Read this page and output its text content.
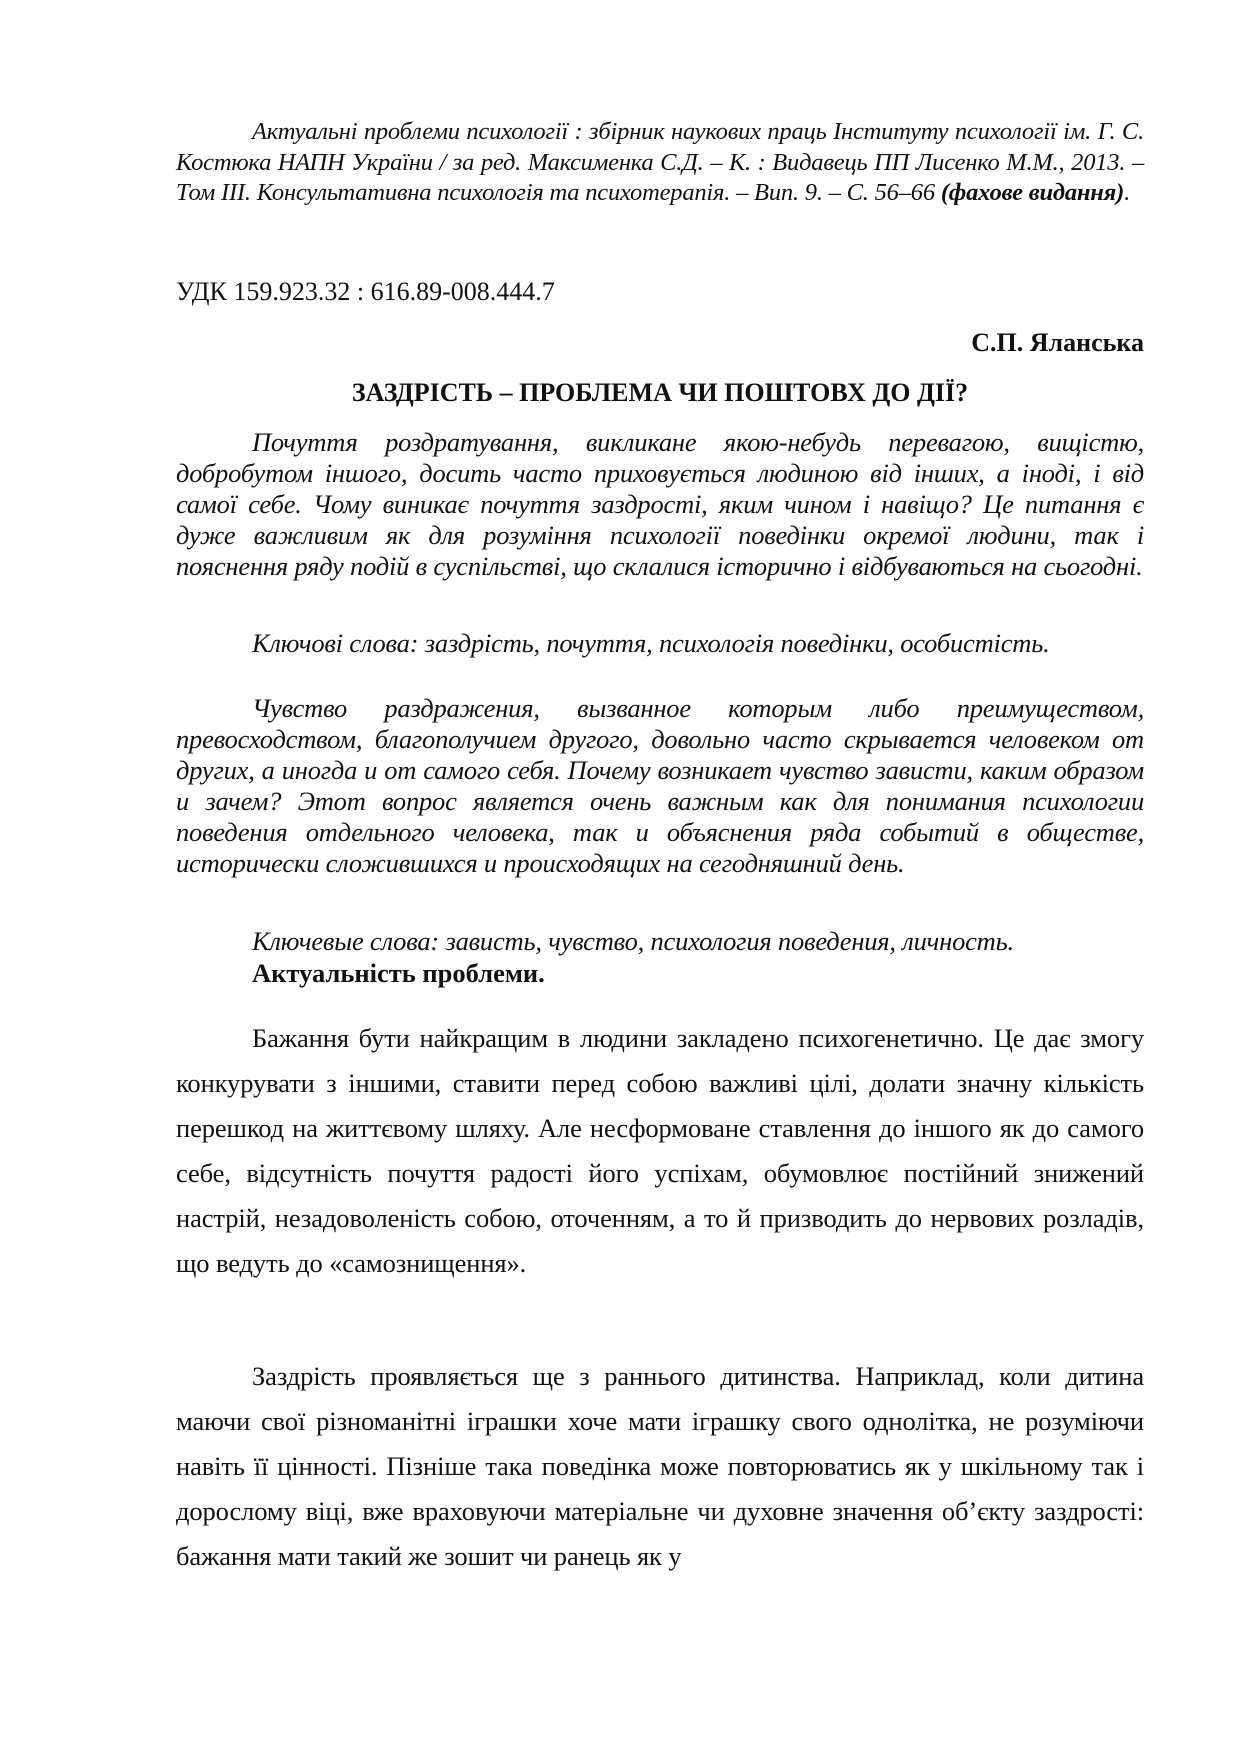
Актуальні проблеми психології : збірник наукових праць Інституту психології ім. Г. С. Костюка НАПН України / за ред. Максименка С.Д. – К. : Видавець ПП Лисенко М.М., 2013. – Том ІІІ. Консультативна психологія та психотерапія. – Вип. 9. – С. 56–66 (фахове видання).

УДК 159.923.32 : 616.89-008.444.7

С.П. Яланська

ЗАЗДРІСТЬ – ПРОБЛЕМА ЧИ ПОШТОВХ ДО ДІЇ?

Почуття роздратування, викликане якою-небудь перевагою, вищістю, добробутом іншого, досить часто приховується людиною від інших, а іноді, і від самої себе. Чому виникає почуття заздрості, яким чином і навіщо? Це питання є дуже важливим як для розуміння психології поведінки окремої людини, так і пояснення ряду подій в суспільстві, що склалися історично і відбуваються на сьогодні.

Ключові слова: заздрість, почуття, психологія поведінки, особистість.

Чувство раздражения, вызванное которым либо преимуществом, превосходством, благополучием другого, довольно часто скрывается человеком от других, а иногда и от самого себя. Почему возникает чувство зависти, каким образом и зачем? Этот вопрос является очень важным как для понимания психологии поведения отдельного человека, так и объяснения ряда событий в обществе, исторически сложившихся и происходящих на сегодняшний день.

Ключевые слова: зависть, чувство, психология поведения, личность.

Актуальність проблеми.

Бажання бути найкращим в людини закладено психогенетично. Це дає змогу конкурувати з іншими, ставити перед собою важливі цілі, долати значну кількість перешкод на життєвому шляху. Але несформоване ставлення до іншого як до самого себе, відсутність почуття радості його успіхам, обумовлює постійний знижений настрій, незадоволеність собою, оточенням, а то й призводить до нервових розладів, що ведуть до «самознищення».

Заздрість проявляється ще з раннього дитинства. Наприклад, коли дитина маючи свої різноманітні іграшки хоче мати іграшку свого однолітка, не розуміючи навіть її цінності. Пізніше така поведінка може повторюватись як у шкільному так і дорослому віці, вже враховуючи матеріальне чи духовне значення об’єкту заздрості: бажання мати такий же зошит чи ранець як у
